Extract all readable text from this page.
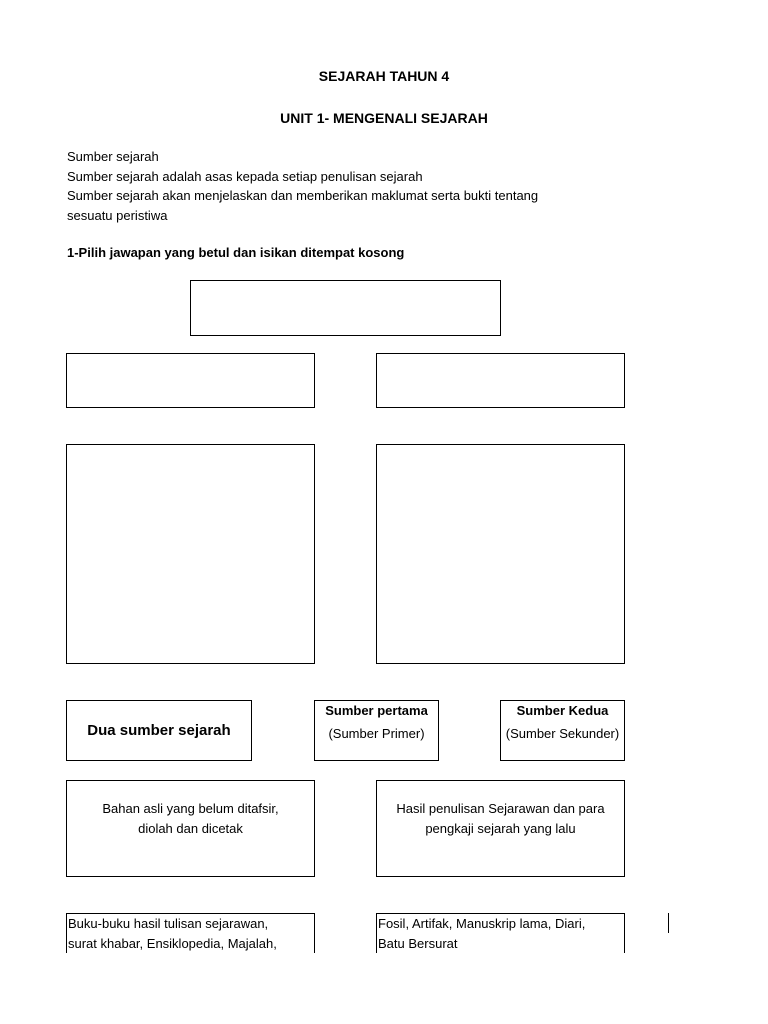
SEJARAH TAHUN 4
UNIT 1- MENGENALI SEJARAH
Sumber sejarah
Sumber sejarah adalah asas kepada setiap penulisan sejarah
Sumber sejarah akan menjelaskan dan memberikan maklumat serta bukti tentang
sesuatu peristiwa
1-Pilih jawapan yang betul dan isikan ditempat kosong
Dua sumber sejarah
Sumber pertama
(Sumber Primer)
Sumber Kedua
(Sumber Sekunder)
Bahan asli yang belum ditafsir,
diolah dan dicetak
Hasil penulisan Sejarawan dan para
pengkaji sejarah yang lalu
Buku-buku hasil tulisan sejarawan,
surat khabar, Ensiklopedia, Majalah,
Fosil, Artifak, Manuskrip lama, Diari,
Batu Bersurat
